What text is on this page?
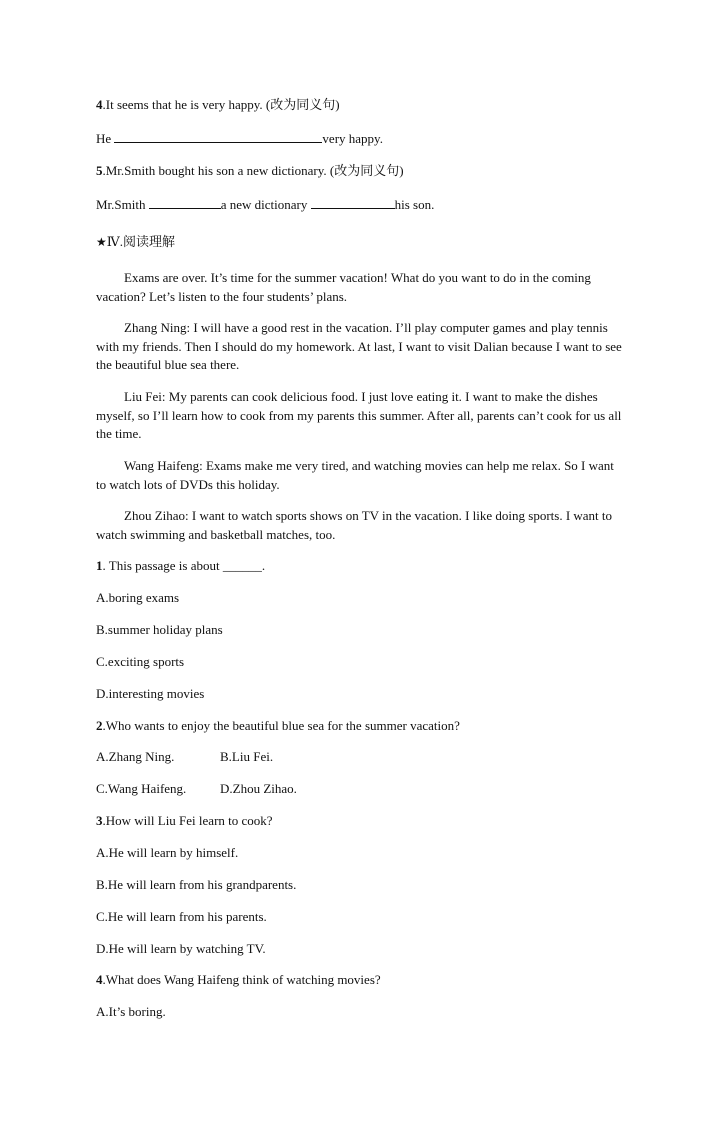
4.It seems that he is very happy. (改为同义句)
He	very happy.
5.Mr.Smith bought his son a new dictionary. (改为同义句)
Mr.Smith	a new dictionary	his son.
★Ⅳ.阅读理解
Exams are over. It’s time for the summer vacation! What do you want to do in the coming vacation? Let’s listen to the four students’ plans.
Zhang Ning: I will have a good rest in the vacation. I’ll play computer games and play tennis with my friends. Then I should do my homework. At last, I want to visit Dalian because I want to see the beautiful blue sea there.
Liu Fei: My parents can cook delicious food. I just love eating it. I want to make the dishes myself, so I’ll learn how to cook from my parents this summer. After all, parents can’t cook for us all the time.
Wang Haifeng: Exams make me very tired, and watching movies can help me relax. So I want to watch lots of DVDs this holiday.
Zhou Zihao: I want to watch sports shows on TV in the vacation. I like doing sports. I want to watch swimming and basketball matches, too.
1. This passage is about ______.
A.boring exams
B.summer holiday plans
C.exciting sports
D.interesting movies
2.Who wants to enjoy the beautiful blue sea for the summer vacation?
A.Zhang Ning.	B.Liu Fei.
C.Wang Haifeng.	D.Zhou Zihao.
3.How will Liu Fei learn to cook?
A.He will learn by himself.
B.He will learn from his grandparents.
C.He will learn from his parents.
D.He will learn by watching TV.
4.What does Wang Haifeng think of watching movies?
A.It’s boring.
